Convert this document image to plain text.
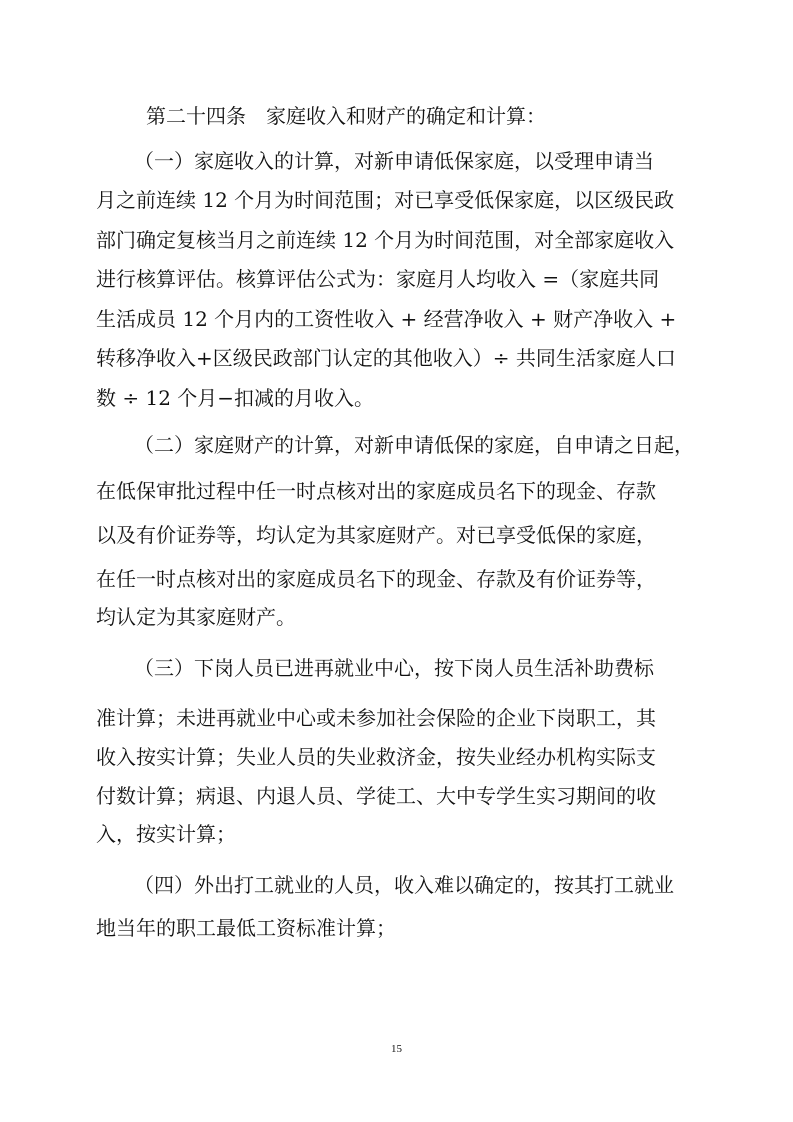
第二十四条　家庭收入和财产的确定和计算：
（一）家庭收入的计算，对新申请低保家庭，以受理申请当
月之前连续 12 个月为时间范围；对已享受低保家庭，以区级民政
部门确定复核当月之前连续 12 个月为时间范围，对全部家庭收入
进行核算评估。核算评估公式为：家庭月人均收入 =（家庭共同
生活成员 12 个月内的工资性收入 + 经营净收入 + 财产净收入 +
转移净收入+区级民政部门认定的其他收入）÷ 共同生活家庭人口
数 ÷ 12 个月−扣减的月收入。
（二）家庭财产的计算，对新申请低保的家庭，自申请之日起，
在低保审批过程中任一时点核对出的家庭成员名下的现金、存款
以及有价证券等，均认定为其家庭财产。对已享受低保的家庭，
在任一时点核对出的家庭成员名下的现金、存款及有价证券等，
均认定为其家庭财产。
（三）下岗人员已进再就业中心，按下岗人员生活补助费标
准计算；未进再就业中心或未参加社会保险的企业下岗职工，其
收入按实计算；失业人员的失业救济金，按失业经办机构实际支
付数计算；病退、内退人员、学徒工、大中专学生实习期间的收
入，按实计算；
（四）外出打工就业的人员，收入难以确定的，按其打工就业
地当年的职工最低工资标准计算；
15
